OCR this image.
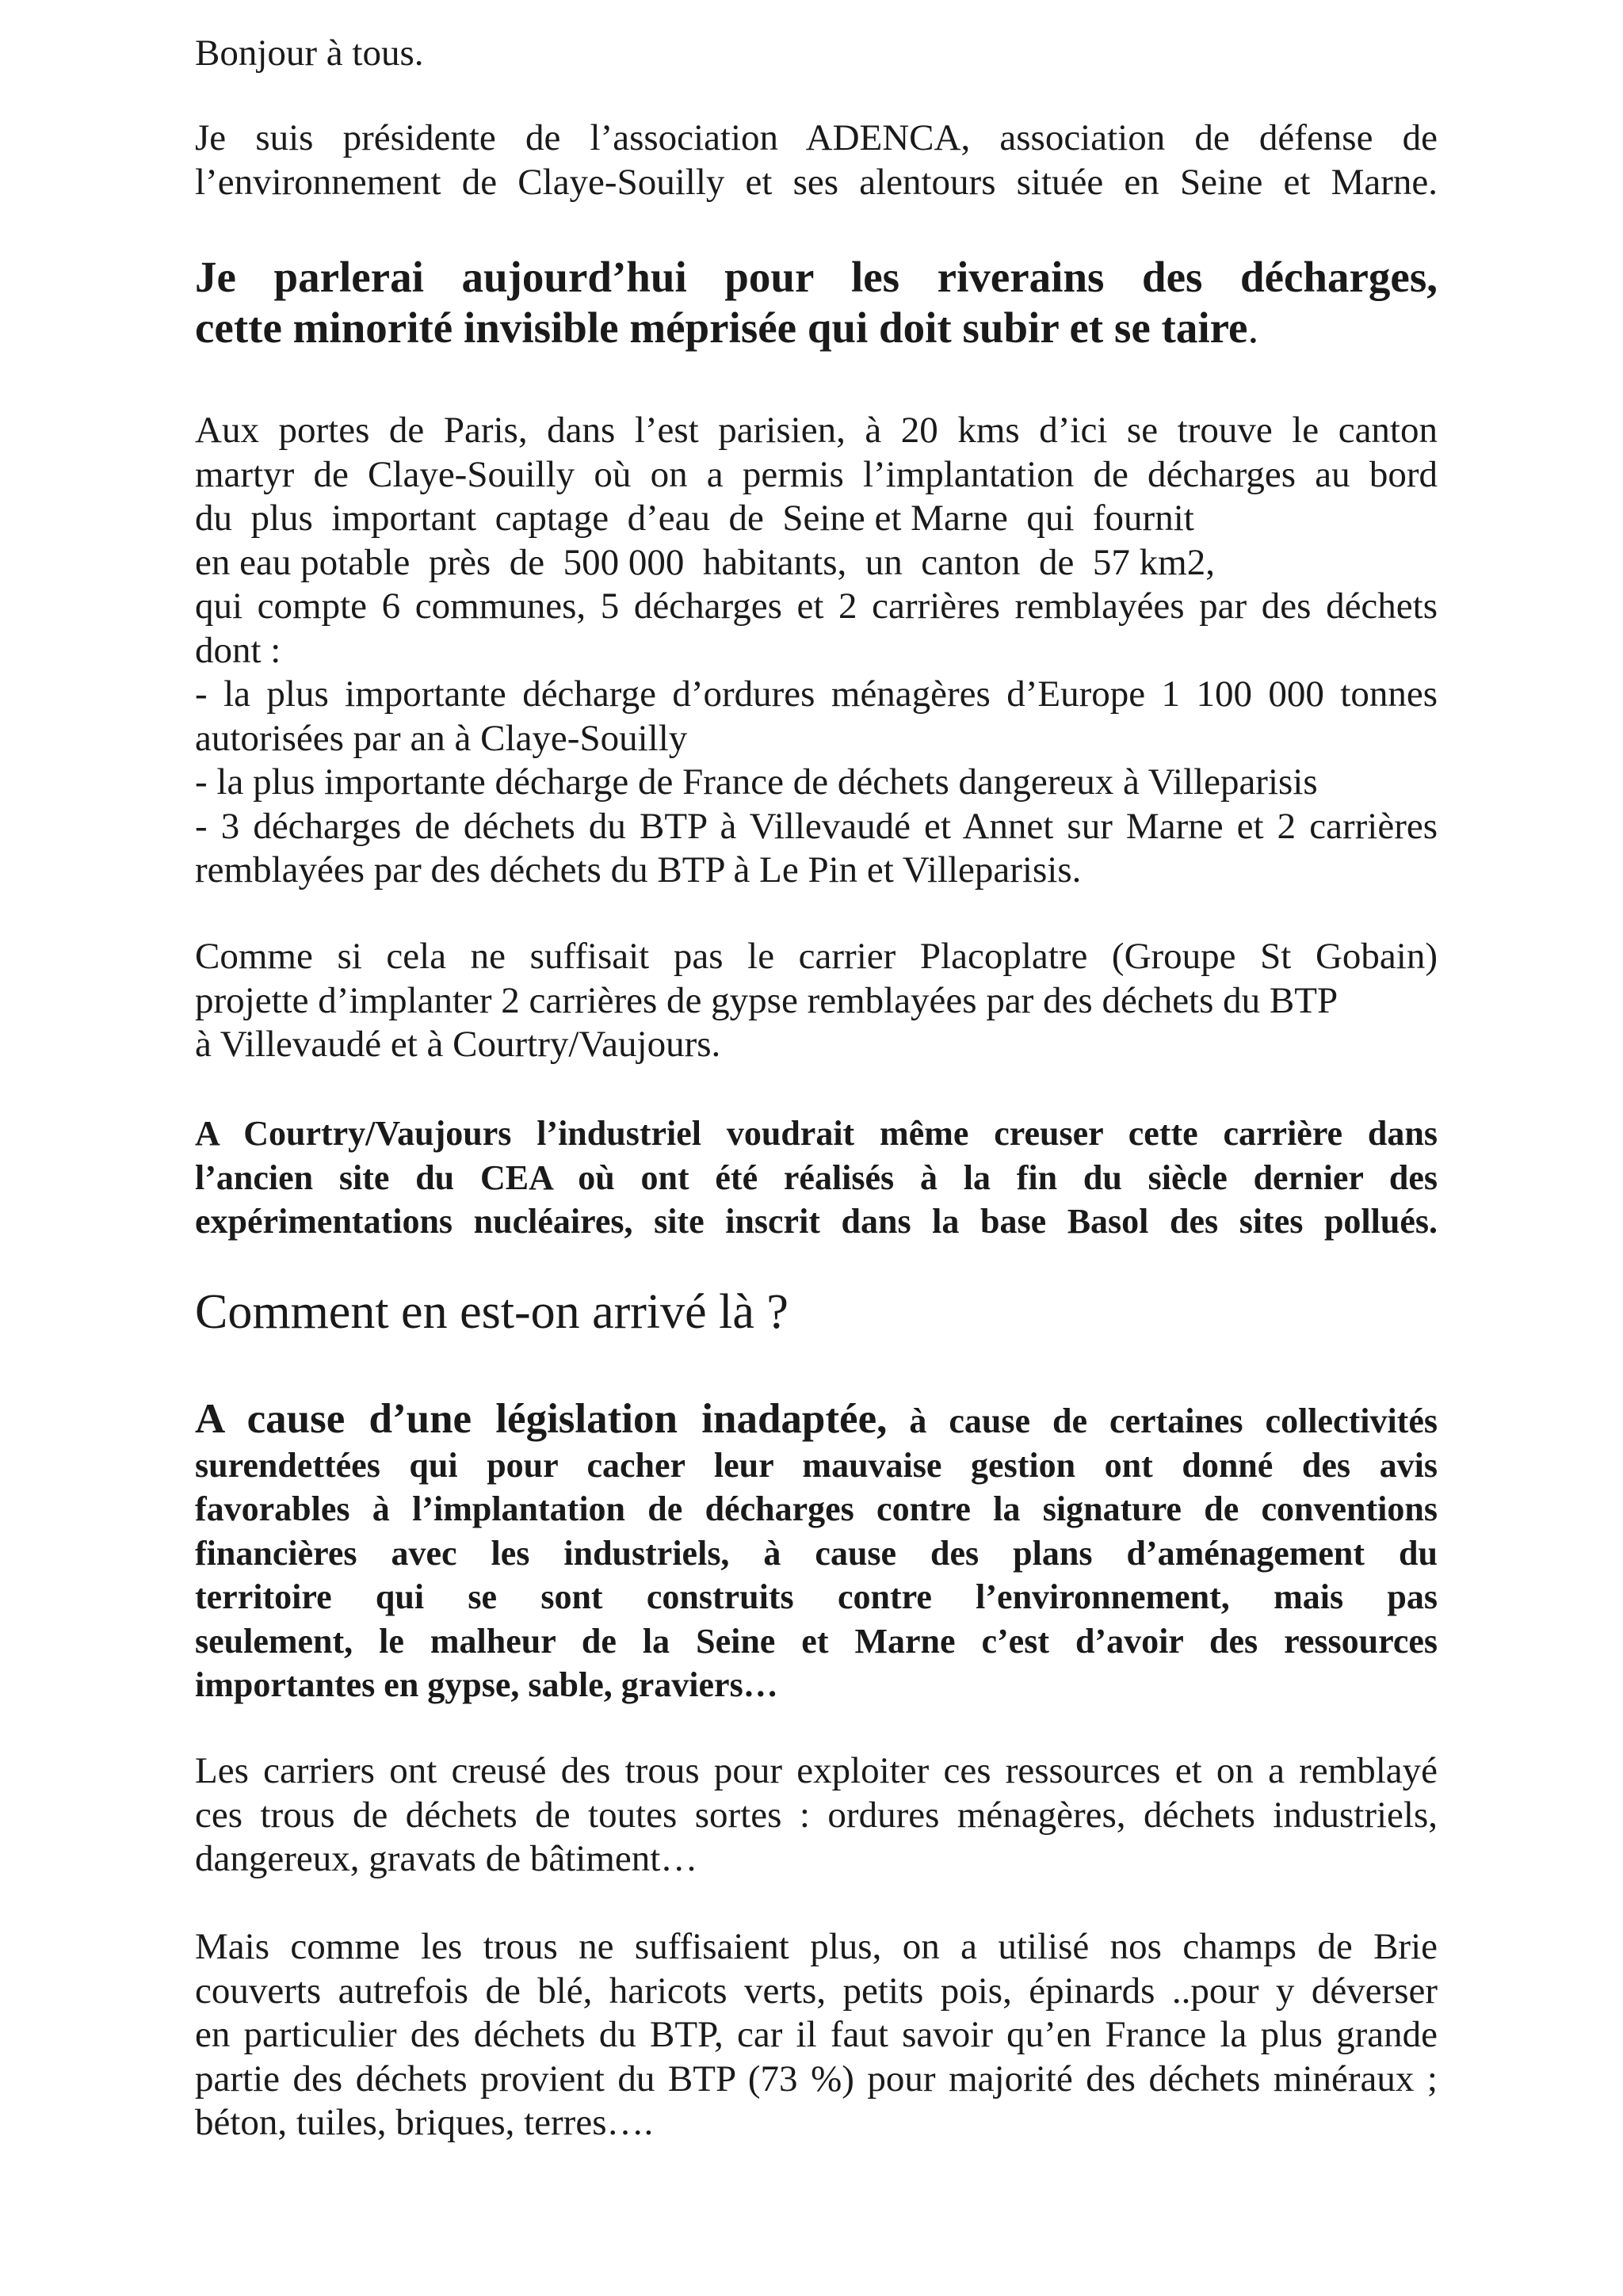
Bonjour à tous.

Je suis présidente de l’association ADENCA, association de défense de
l’environnement de Claye-Souilly et ses alentours située en Seine et Marne.

Je parlerai aujourd’hui pour les riverains des décharges,
cette minorité invisible méprisée qui doit subir et se taire.

Aux portes de Paris, dans l’est parisien, à 20 kms d’ici se trouve le canton
martyr de Claye-Souilly où on a permis l’implantation de décharges au bord
du  plus  important  captage  d’eau  de  Seine et Marne  qui  fournit
en eau potable  près  de  500 000  habitants,  un  canton  de  57 km2,
qui compte 6 communes, 5 décharges et 2 carrières remblayées par des déchets
dont :
- la plus importante décharge d’ordures ménagères d’Europe 1 100 000 tonnes
autorisées par an à Claye-Souilly
- la plus importante décharge de France de déchets dangereux à Villeparisis
- 3 décharges de déchets du BTP à Villevaudé et Annet sur Marne et 2 carrières
remblayées par des déchets du BTP à Le Pin et Villeparisis.

Comme si cela ne suffisait pas le carrier Placoplatre (Groupe St Gobain)
projette d’implanter 2 carrières de gypse remblayées par des déchets du BTP
à Villevaudé et à Courtry/Vaujours.

A Courtry/Vaujours l’industriel voudrait même creuser cette carrière dans
l’ancien site du CEA où ont été réalisés à la fin du siècle dernier des
expérimentations nucléaires, site inscrit dans la base Basol des sites pollués.

Comment en est-on arrivé là ?

A cause d’une législation inadaptée, à cause de certaines collectivités
surendettées qui pour cacher leur mauvaise gestion ont donné des avis
favorables à l’implantation de décharges contre la signature de conventions
financières avec les industriels, à cause des plans d’aménagement du
territoire qui se sont construits contre l’environnement, mais pas
seulement, le malheur de la Seine et Marne c’est d’avoir des ressources
importantes en gypse, sable, graviers…

Les carriers ont creusé des trous pour exploiter ces ressources et on a remblayé
ces trous de déchets de toutes sortes : ordures ménagères, déchets industriels,
dangereux, gravats de bâtiment…

Mais comme les trous ne suffisaient plus, on a utilisé nos champs de Brie
couverts autrefois de blé, haricots verts, petits pois, épinards ..pour y déverser
en particulier des déchets du BTP, car il faut savoir qu’en France la plus grande
partie des déchets provient du BTP (73 %) pour majorité des déchets minéraux ;
béton, tuiles, briques, terres….
